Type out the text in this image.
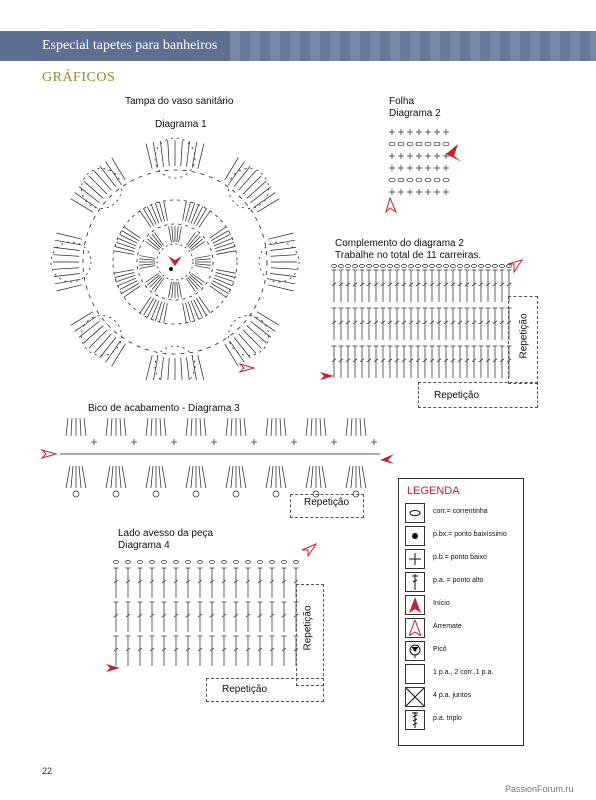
Especial tapetes para banheiros
GRÁFICOS
Tampa do vaso sanitário
Diagrama 1
Folha
Diagrama 2
Complemento do diagrama 2
Trabalhe no total de 11 carreiras.
Repetição
Repetição
Bico de acabamento - Diagrama 3
Repetição
Lado avesso da peça
Diagrama 4
Repetição
Repetição
LEGENDA
corr.= correntinha
p.bx.= ponto baixíssimo
p.b.= ponto baixo
p.a. = ponto alto
Início
Arremate
Picô
1 p.a., 2 corr.,1 p.a.
4 p.a. juntos
p.a. triplo
22
PassionForum.ru
